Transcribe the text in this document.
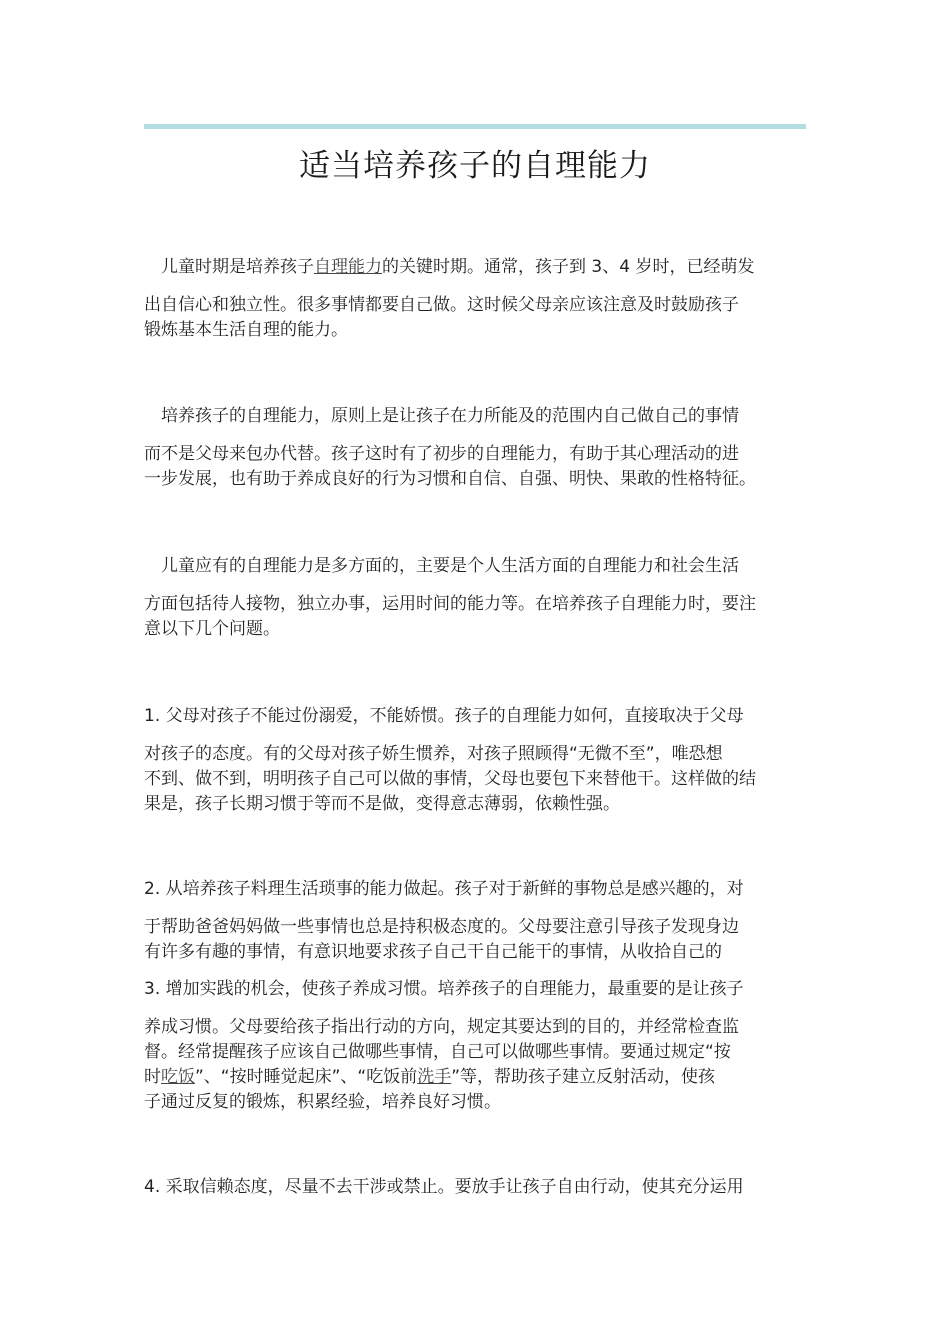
适当培养孩子的自理能力
　儿童时期是培养孩子自理能力的关键时期。通常，孩子到 3、4 岁时，已经萌发
出自信心和独立性。很多事情都要自己做。这时候父母亲应该注意及时鼓励孩子
锻炼基本生活自理的能力。
　培养孩子的自理能力，原则上是让孩子在力所能及的范围内自己做自己的事情
而不是父母来包办代替。孩子这时有了初步的自理能力，有助于其心理活动的进
一步发展，也有助于养成良好的行为习惯和自信、自强、明快、果敢的性格特征。
　儿童应有的自理能力是多方面的，主要是个人生活方面的自理能力和社会生活
方面包括待人接物，独立办事，运用时间的能力等。在培养孩子自理能力时，要注
意以下几个问题。
1. 父母对孩子不能过份溺爱，不能娇惯。孩子的自理能力如何，直接取决于父母
对孩子的态度。有的父母对孩子娇生惯养，对孩子照顾得“无微不至”，唯恐想
不到、做不到，明明孩子自己可以做的事情，父母也要包下来替他干。这样做的结
果是，孩子长期习惯于等而不是做，变得意志薄弱，依赖性强。
2. 从培养孩子料理生活琐事的能力做起。孩子对于新鲜的事物总是感兴趣的，对
于帮助爸爸妈妈做一些事情也总是持积极态度的。父母要注意引导孩子发现身边
有许多有趣的事情，有意识地要求孩子自己干自己能干的事情，从收拾自己的
3. 增加实践的机会，使孩子养成习惯。培养孩子的自理能力，最重要的是让孩子
养成习惯。父母要给孩子指出行动的方向，规定其要达到的目的，并经常检查监
督。经常提醒孩子应该自己做哪些事情，自己可以做哪些事情。要通过规定“按
时吃饭”、“按时睡觉起床”、“吃饭前洗手”等，帮助孩子建立反射活动，使孩
子通过反复的锻炼，积累经验，培养良好习惯。
4. 采取信赖态度，尽量不去干涉或禁止。要放手让孩子自由行动，使其充分运用
